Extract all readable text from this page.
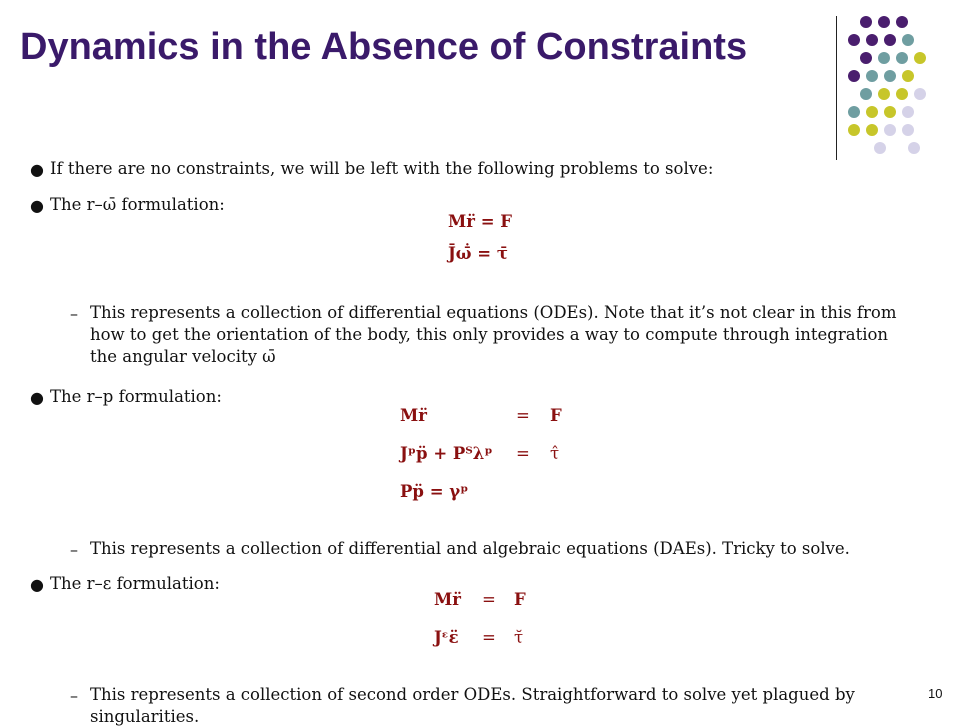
Dynamics in the Absence of Constraints
● If there are no constraints, we will be left with the following problems to solve:
● The r–ω̄ formulation:
Mr̈ = F
J̄ω̄̇ = τ̄
– This represents a collection of differential equations (ODEs). Note that it’s not clear in this from how to get the orientation of the body, this only provides a way to compute through integration the angular velocity ω̄
● The r–p formulation:
Mr̈	= F
Jᵖp̈ + Pᵀλᵖ = τ̂
Pp̈ = γᵖ
– This represents a collection of differential and algebraic equations (DAEs). Tricky to solve.
● The r–ε formulation:
Mr̈ = F
Jᵋε̈ = τ̆
– This represents a collection of second order ODEs. Straightforward to solve yet plagued by singularities.
10
